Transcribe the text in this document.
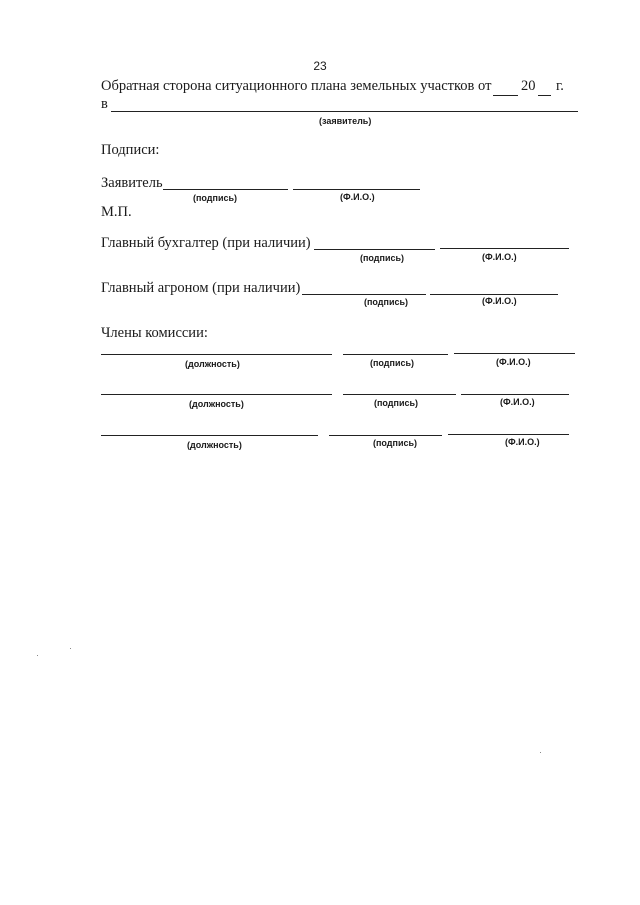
23
Обратная сторона ситуационного плана земельных участков от 20 г.
в
(заявитель)
Подписи:
Заявитель
(подпись)	(Ф.И.О.)
М.П.
Главный бухгалтер (при наличии)
(подпись)	(Ф.И.О.)
Главный агроном (при наличии)
(подпись)	(Ф.И.О.)
Члены комиссии:
(должность)	(подпись)	(Ф.И.О.)
(должность)	(подпись)	(Ф.И.О.)
(должность)	(подпись)	(Ф.И.О.)
